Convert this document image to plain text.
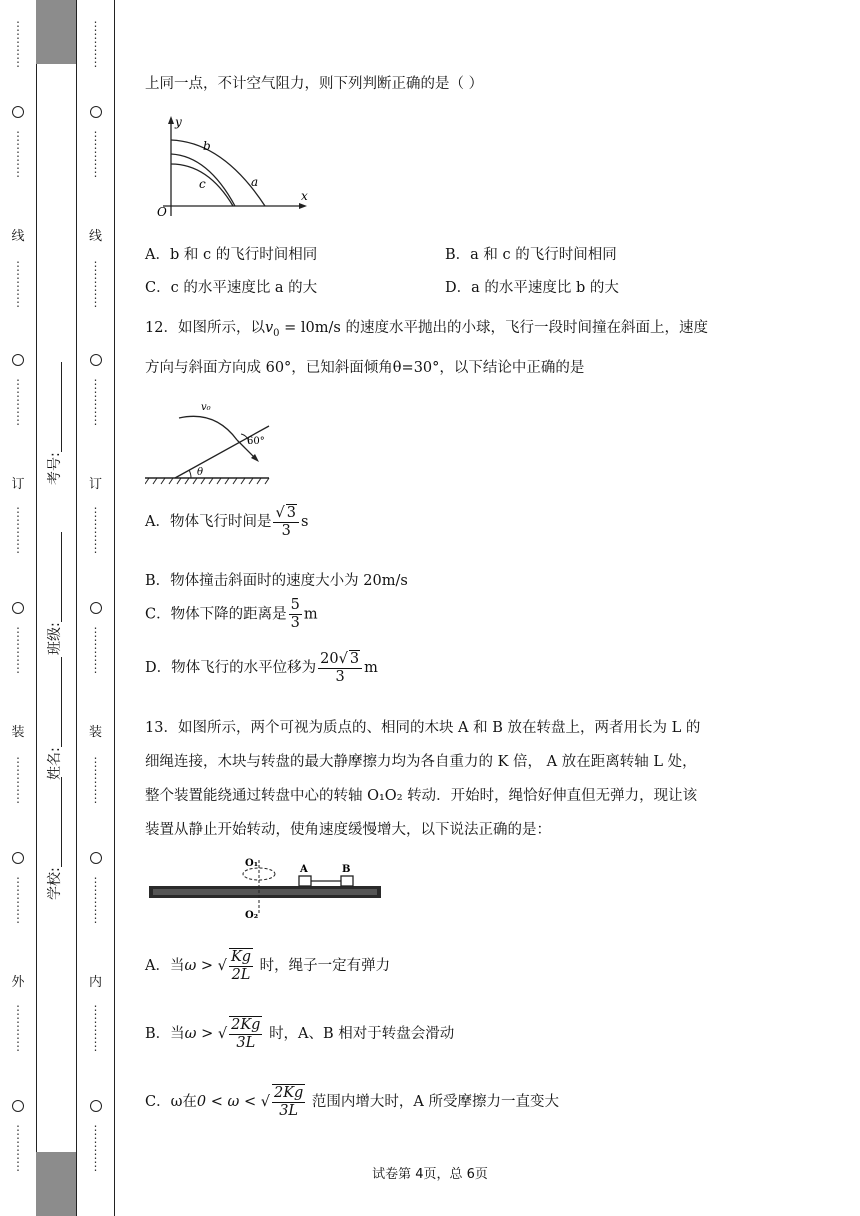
⋮
⋮
⋮
⋮
⋮
⋮
⋮
⋮
线
⋮
⋮
⋮
⋮
⋮
⋮
⋮
⋮
订
⋮
⋮
⋮
⋮
⋮
⋮
⋮
⋮
装
⋮
⋮
⋮
⋮
⋮
⋮
⋮
⋮
外
⋮
⋮
⋮
⋮
⋮
⋮
⋮
⋮
考号:
班级:
姓名:
学校:
⋮
⋮
⋮
⋮
⋮
⋮
⋮
⋮
线
⋮
⋮
⋮
⋮
⋮
⋮
⋮
⋮
订
⋮
⋮
⋮
⋮
⋮
⋮
⋮
⋮
装
⋮
⋮
⋮
⋮
⋮
⋮
⋮
⋮
内
⋮
⋮
⋮
⋮
⋮
⋮
⋮
⋮
上同一点，不计空气阻力，则下列判断正确的是（ ）
y
x
O
b
c	a
A．b 和 c 的飞行时间相同	B．a 和 c 的飞行时间相同
C．c 的水平速度比 a 的大	D．a 的水平速度比 b 的大
12．如图所示，以$v_0 = l0m/s$ 的速度水平抛出的小球，飞行一段时间撞在斜面上，速度
方向与斜面方向成 60°，已知斜面倾角θ=30°，以下结论中正确的是
v₀
60°
θ
A．物体飞行时间是 $\frac{√ 3}{3}$ s
B．物体撞击斜面时的速度大小为 20m/s
C．物体下降的距离是 $\frac{5}{3}$ m
D．物体飞行的水平位移为 $\frac{20√ 3}{3}$ m
13．如图所示，两个可视为质点的、相同的木块 A 和 B 放在转盘上，两者用长为 L 的
细绳连接，木块与转盘的最大静摩擦力均为各自重力的 K 倍， A 放在距离转轴 L 处，
整个装置能绕通过转盘中心的转轴 O₁O₂ 转动．开始时，绳恰好伸直但无弹力，现让该
装置从静止开始转动，使角速度缓慢增大，以下说法正确的是：
O₁
O₂
A	B
A．当ω > √ $\frac{Kg}{2L}$ 时，绳子一定有弹力
B．当ω > √ $\frac{2Kg}{3L}$ 时，A、B 相对于转盘会滑动
C．ω在0 < ω < √ $\frac{2Kg}{3L}$ 范围内增大时，A 所受摩擦力一直变大
试卷第 4页，总 6页
